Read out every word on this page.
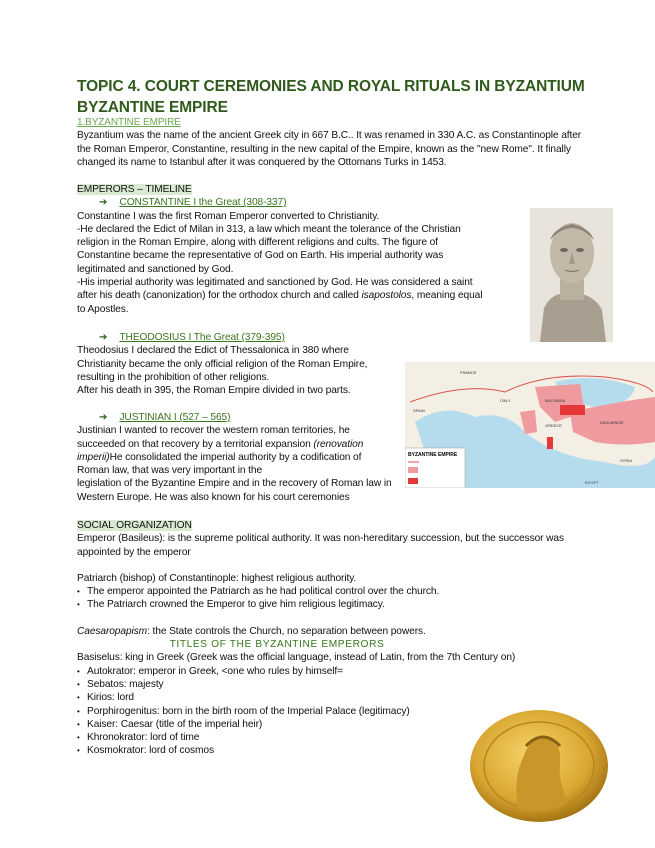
TOPIC 4. COURT CEREMONIES AND ROYAL RITUALS IN BYZANTIUM
BYZANTINE EMPIRE
1.BYZANTINE EMPIRE

Byzantium was the name of the ancient Greek city in 667 B.C.. It was renamed in 330 A.C. as Constantinople after the Roman Emperor, Constantine, resulting in the new capital of the Empire, known as the "new Rome". It finally changed its name to Istanbul after it was conquered by the Ottomans Turks in 1453.

EMPERORS – TIMELINE
➔ CONSTANTINE I the Great (308-337)

Constantine I was the first Roman Emperor converted to Christianity.

-He declared the Edict of Milan in 313, a law which meant the tolerance of the Christian religion in the Roman Empire, along with different religions and cults. The figure of Constantine became the representative of God on Earth. His imperial authority was legitimated and sanctioned by God.

-His imperial authority was legitimated and sanctioned by God. He was considered a saint after his death (canonization) for the orthodox church and called isapostolos, meaning equal to Apostles.

➔ THEODOSIUS I The Great (379-395)

Theodosius I declared the Edict of Thessalonica in 380 where Christianity became the only official religion of the Roman Empire, resulting in the prohibition of other religions.

After his death in 395, the Roman Empire divided in two parts.

➔ JUSTINIAN I (527 – 565)

Justinian I wanted to recover the western roman territories, he succeeded on that recovery by a territorial expansion (renovation imperii)He consolidated the imperial authority by a codification of Roman law, that was very important in the

legislation of the Byzantine Empire and in the recovery of Roman law in Western Europe. He was also known for his court ceremonies

SOCIAL ORGANIZATION

Emperor (Basileus): is the supreme political authority. It was non-hereditary succession, but the successor was appointed by the emperor

Patriarch (bishop) of Constantinople: highest religious authority.

• The emperor appointed the Patriarch as he had political control over the church.
• The Patriarch crowned the Emperor to give him religious legitimacy.

Caesaropapism: the State controls the Church, no separation between powers.

TITLES OF THE BYZANTINE EMPERORS

Basiselus: king in Greek (Greek was the official language, instead of Latin, from the 7th Century on)

• Autokrator: emperor in Greek, <one who rules by himself=
• Sebatos: majesty
• Kirios: lord
• Porphirogenitus: born in the birth room of the Imperial Palace (legitimacy)
• Kaiser: Caesar (title of the imperial heir)
• Khronokrator: lord of time
• Kosmokrator: lord of cosmos
BYZANTINE EMPIRE
SPAIN
FRANCE
ITALY	BULGARIA
GREECE
ASIA MINOR
SYRIA
EGYPT
